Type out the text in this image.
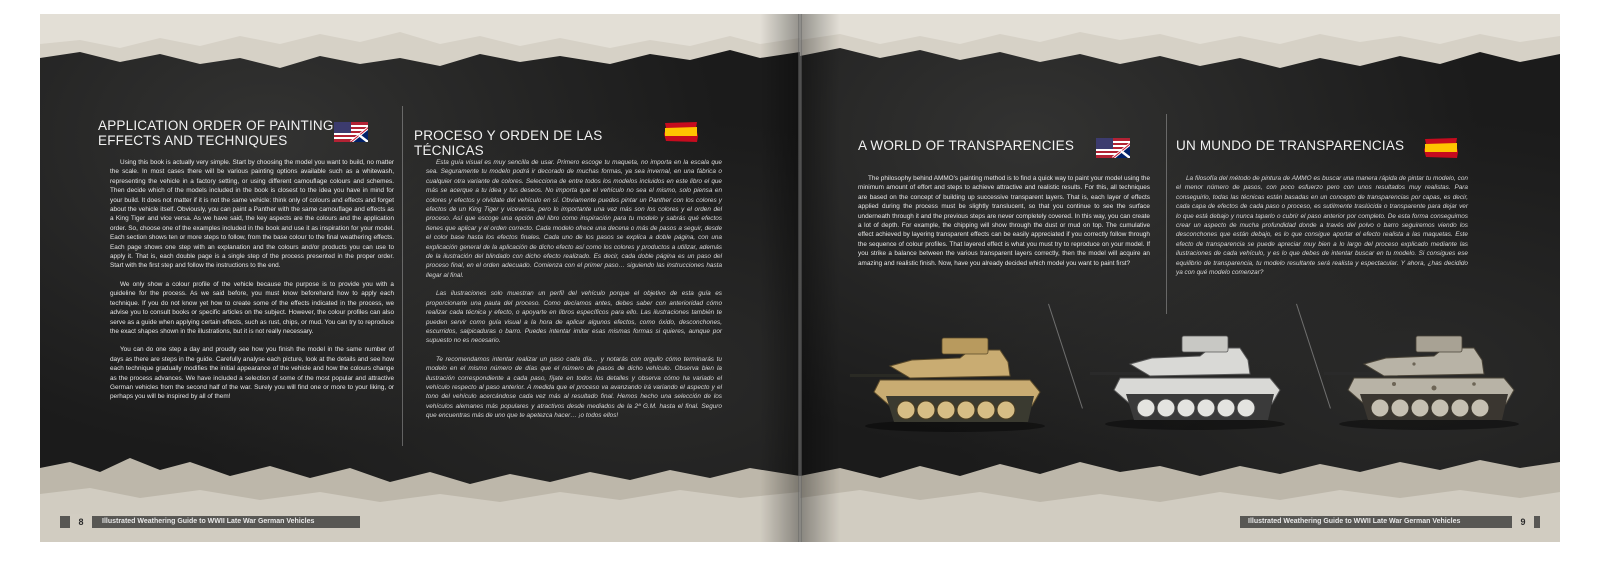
APPLICATION ORDER OF PAINTING
EFFECTS AND TECHNIQUES

Using this book is actually very simple. Start by choosing the model you want to build, no matter the scale. In most cases there will be various painting options available such as a whitewash, representing the vehicle in a factory setting, or using different camouflage colours and schemes. Then decide which of the models included in the book is closest to the idea you have in mind for your build. It does not matter if it is not the same vehicle: think only of colours and effects and forget about the vehicle itself. Obviously, you can paint a Panther with the same camouflage and effects as a King Tiger and vice versa. As we have said, the key aspects are the colours and the application order. So, choose one of the examples included in the book and use it as inspiration for your model. Each section shows ten or more steps to follow, from the base colour to the final weathering effects. Each page shows one step with an explanation and the colours and/or products you can use to apply it. That is, each double page is a single step of the process presented in the proper order. Start with the first step and follow the instructions to the end.

We only show a colour profile of the vehicle because the purpose is to provide you with a guideline for the process. As we said before, you must know beforehand how to apply each technique. If you do not know yet how to create some of the effects indicated in the process, we advise you to consult books or specific articles on the subject. However, the colour profiles can also serve as a guide when applying certain effects, such as rust, chips, or mud. You can try to reproduce the exact shapes shown in the illustrations, but it is not really necessary.

You can do one step a day and proudly see how you finish the model in the same number of days as there are steps in the guide. Carefully analyse each picture, look at the details and see how each technique gradually modifies the initial appearance of the vehicle and how the colours change as the process advances. We have included a selection of some of the most popular and attractive German vehicles from the second half of the war. Surely you will find one or more to your liking, or perhaps you will be inspired by all of them!

PROCESO Y ORDEN DE LAS TÉCNICAS

Esta guía visual es muy sencilla de usar. Primero escoge tu maqueta, no importa en la escala que sea. Seguramente tu modelo podrá ir decorado de muchas formas, ya sea invernal, en una fábrica o cualquier otra variante de colores. Selecciona de entre todos los modelos incluidos en este libro el que más se acerque a tu idea y tus deseos. No importa que el vehículo no sea el mismo, solo piensa en colores y efectos y olvídate del vehículo en sí. Obviamente puedes pintar un Panther con los colores y efectos de un King Tiger y viceversa, pero lo importante una vez más son los colores y el orden del proceso. Así que escoge una opción del libro como inspiración para tu modelo y sabrás qué efectos tienes que aplicar y el orden correcto. Cada modelo ofrece una decena o más de pasos a seguir, desde el color base hasta los efectos finales. Cada uno de los pasos se explica a doble página, con una explicación general de la aplicación de dicho efecto así como los colores y productos a utilizar, además de la ilustración del blindado con dicho efecto realizado. Es decir, cada doble página es un paso del proceso final, en el orden adecuado. Comienza con el primer paso… siguiendo las instrucciones hasta llegar al final.

Las ilustraciones solo muestran un perfil del vehículo porque el objetivo de esta guía es proporcionarte una pauta del proceso. Como decíamos antes, debes saber con anterioridad cómo realizar cada técnica y efecto, o apoyarte en libros específicos para ello. Las ilustraciones también te pueden servir como guía visual a la hora de aplicar algunos efectos, como óxido, desconchones, escurridos, salpicaduras o barro. Puedes intentar imitar esas mismas formas si quieres, aunque por supuesto no es necesario.

Te recomendamos intentar realizar un paso cada día… y notarás con orgullo cómo terminarás tu modelo en el mismo número de días que el número de pasos de dicho vehículo. Observa bien la ilustración correspondiente a cada paso, fíjate en todos los detalles y observa cómo ha variado el vehículo respecto al paso anterior. A medida que el proceso va avanzando irá variando el aspecto y el tono del vehículo acercándose cada vez más al resultado final. Hemos hecho una selección de los vehículos alemanes más populares y atractivos desde mediados de la 2ª G.M. hasta el final. Seguro que encuentras más de uno que te apetezca hacer… ¡o todos ellos!

8	Illustrated Weathering Guide to WWII Late War German Vehicles
A WORLD OF TRANSPARENCIES

The philosophy behind AMMO's painting method is to find a quick way to paint your model using the minimum amount of effort and steps to achieve attractive and realistic results. For this, all techniques are based on the concept of building up successive transparent layers. That is, each layer of effects applied during the process must be slightly translucent, so that you continue to see the surface underneath through it and the previous steps are never completely covered. In this way, you can create a lot of depth. For example, the chipping will show through the dust or mud on top. The cumulative effect achieved by layering transparent effects can be easily appreciated if you correctly follow through the sequence of colour profiles. That layered effect is what you must try to reproduce on your model. If you strike a balance between the various transparent layers correctly, then the model will acquire an amazing and realistic finish. Now, have you already decided which model you want to paint first?

UN MUNDO DE TRANSPARENCIAS

La filosofía del método de pintura de AMMO es buscar una manera rápida de pintar tu modelo, con el menor número de pasos, con poco esfuerzo pero con unos resultados muy realistas. Para conseguirlo, todas las técnicas están basadas en un concepto de transparencias por capas, es decir, cada capa de efectos de cada paso o proceso, es sutilmente traslúcida o transparente para dejar ver lo que está debajo y nunca taparlo o cubrir el paso anterior por completo. De esta forma conseguimos crear un aspecto de mucha profundidad donde a través del polvo o barro seguiremos viendo los desconchones que están debajo, es lo que consigue aportar el efecto realista a las maquetas. Este efecto de transparencia se puede apreciar muy bien a lo largo del proceso explicado mediante las ilustraciones de cada vehículo, y es lo que debes de intentar buscar en tu modelo. Si consigues ese equilibrio de transparencia, tu modelo resultante será realista y espectacular. Y ahora, ¿has decidido ya con qué modelo comenzar?

Illustrated Weathering Guide to WWII Late War German Vehicles	9
